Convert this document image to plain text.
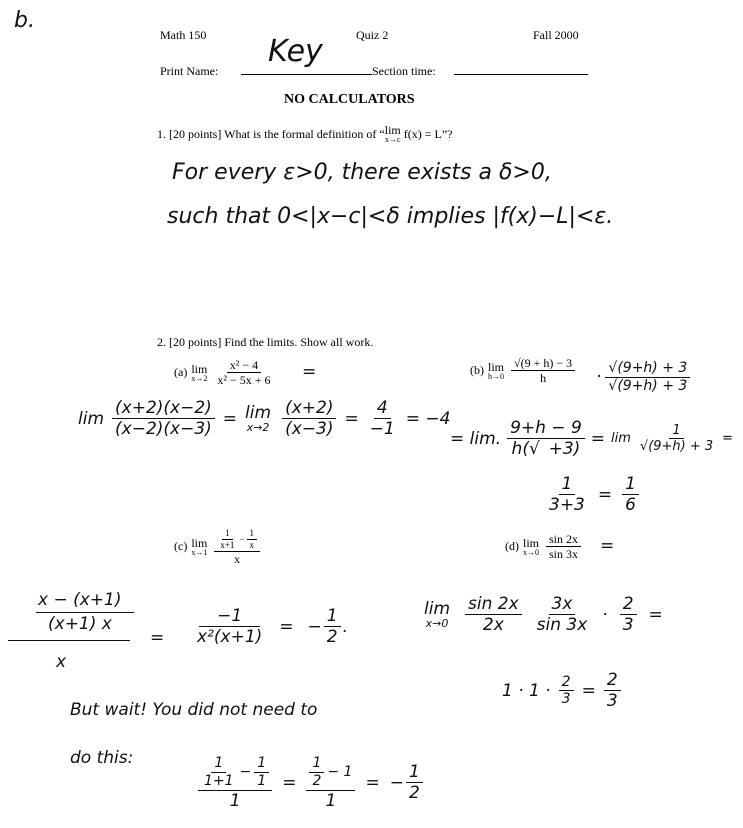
b.
Math 150	Quiz 2	Fall 2000
Print Name:
Key
Section time:
NO CALCULATORS
1. [20 points] What is the formal definition of “ lim
x→c f(x) = L”?
For every ε>0, there exists a δ>0,
such that 0<|x−c|<δ implies |f(x)−L|<ε.
2. [20 points] Find the limits. Show all work.
(a) lim
$x\to 2 \frac{\text{x² − 4}}{\text{x² − 5x + 6}}$ =
$\lim \frac{(x+2)(x-2)}{(x-2)(x-3)} = \lim$
$x\to 2 \frac{(x+2)}{(x-3)} = \frac{4}{-1} = -4$
(b) lim
$h\to 0 \frac{√(9 + h) - 3}{h} \cdot \frac{√(9+h) + 3}{√(9+h) + 3}$
= lim. $\frac{9+h - 9}{h(√ +3)} = \lim \frac{1}{√(9+h) + 3}$ =
$\frac{1}{3+3} = \frac{1}{6}$
(c) lim
x→1
$\frac{1}{x+1} - \frac{1}{x}$
x
x − (x+1)
(x+1) x
x
= $\frac{-1}{\text{x²(x+1)}}$ = − $\frac{1}{2}$ .
But wait! You did not need to
do this:	$\frac{1}{1+1} - \frac{1}{1}$
1
= $\frac{\frac{1}{2} - 1}{1}$ = − $\frac{1}{2}$
(d) lim
$x\to 0 \frac{\sin 2x}{\sin 3x}$ =
lim
$x\to 0 \frac{\sin 2x}{2x} \frac{3x}{\sin 3x} \cdot \frac{2}{3}$ =
$1 \cdot 1 \cdot \frac{2}{3} = \frac{2}{3}$
